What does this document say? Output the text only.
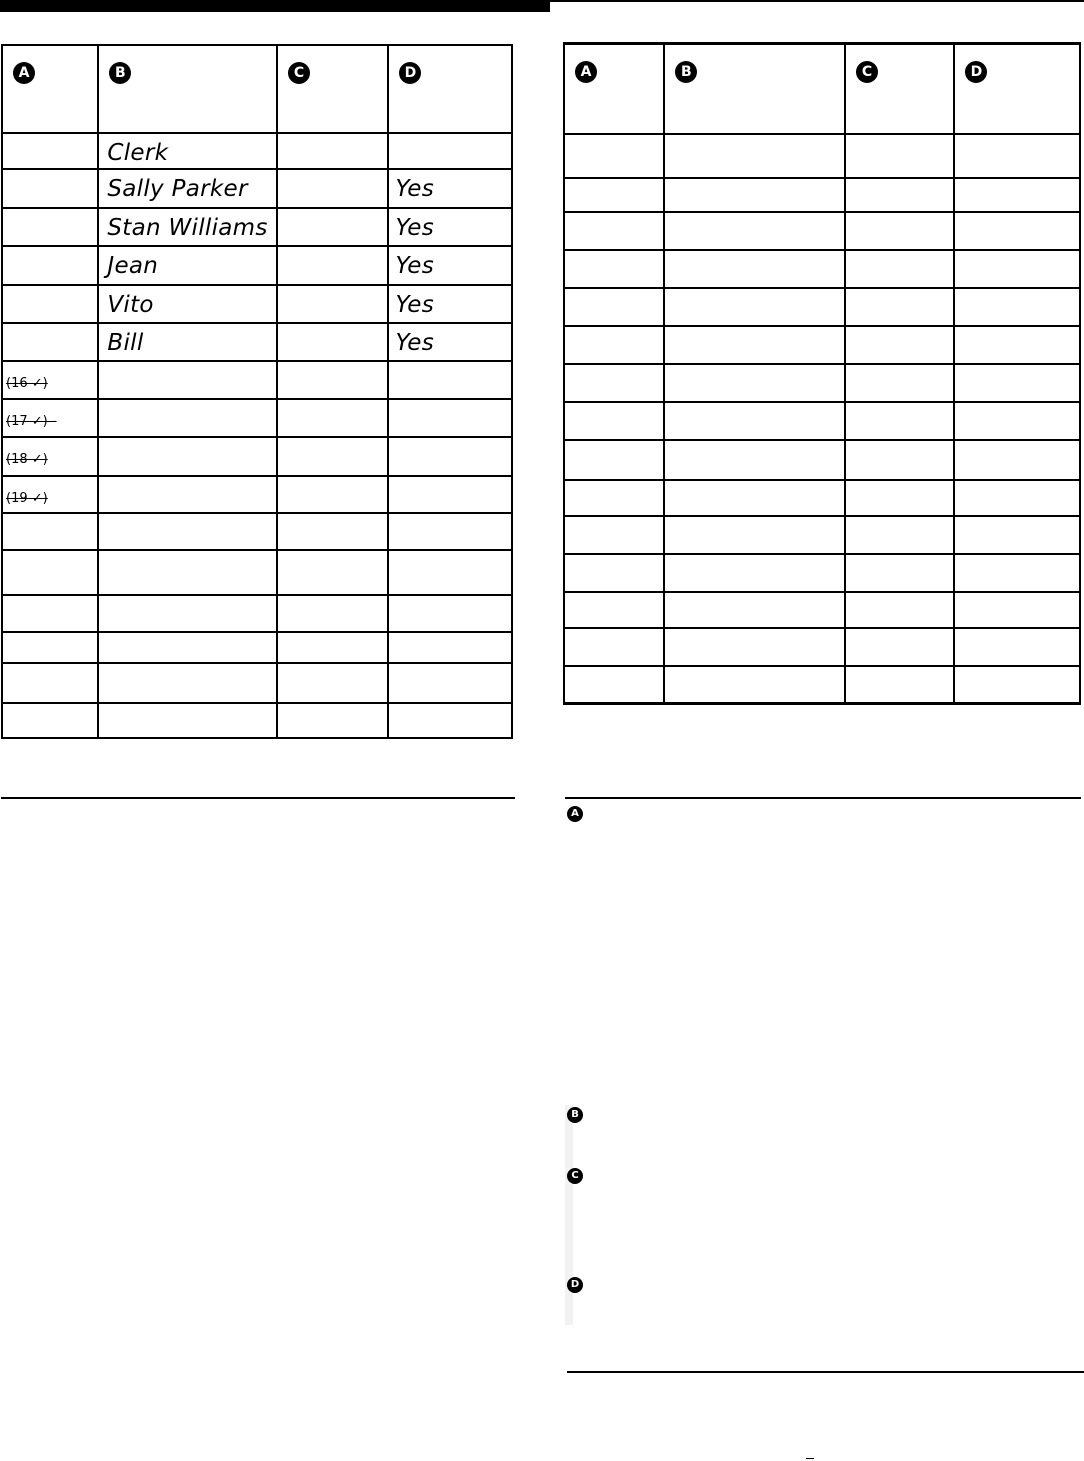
A	B	C	D

	Clerk		

	Sally Parker		Yes

	Stan Williams		Yes

	Jean		Yes

	Vito		Yes

	Bill		Yes

(16 ✓)			

(17 ✓) -			

(18 ✓)			

(19 ✓)			

A	B	C	D

A
B
C
D
